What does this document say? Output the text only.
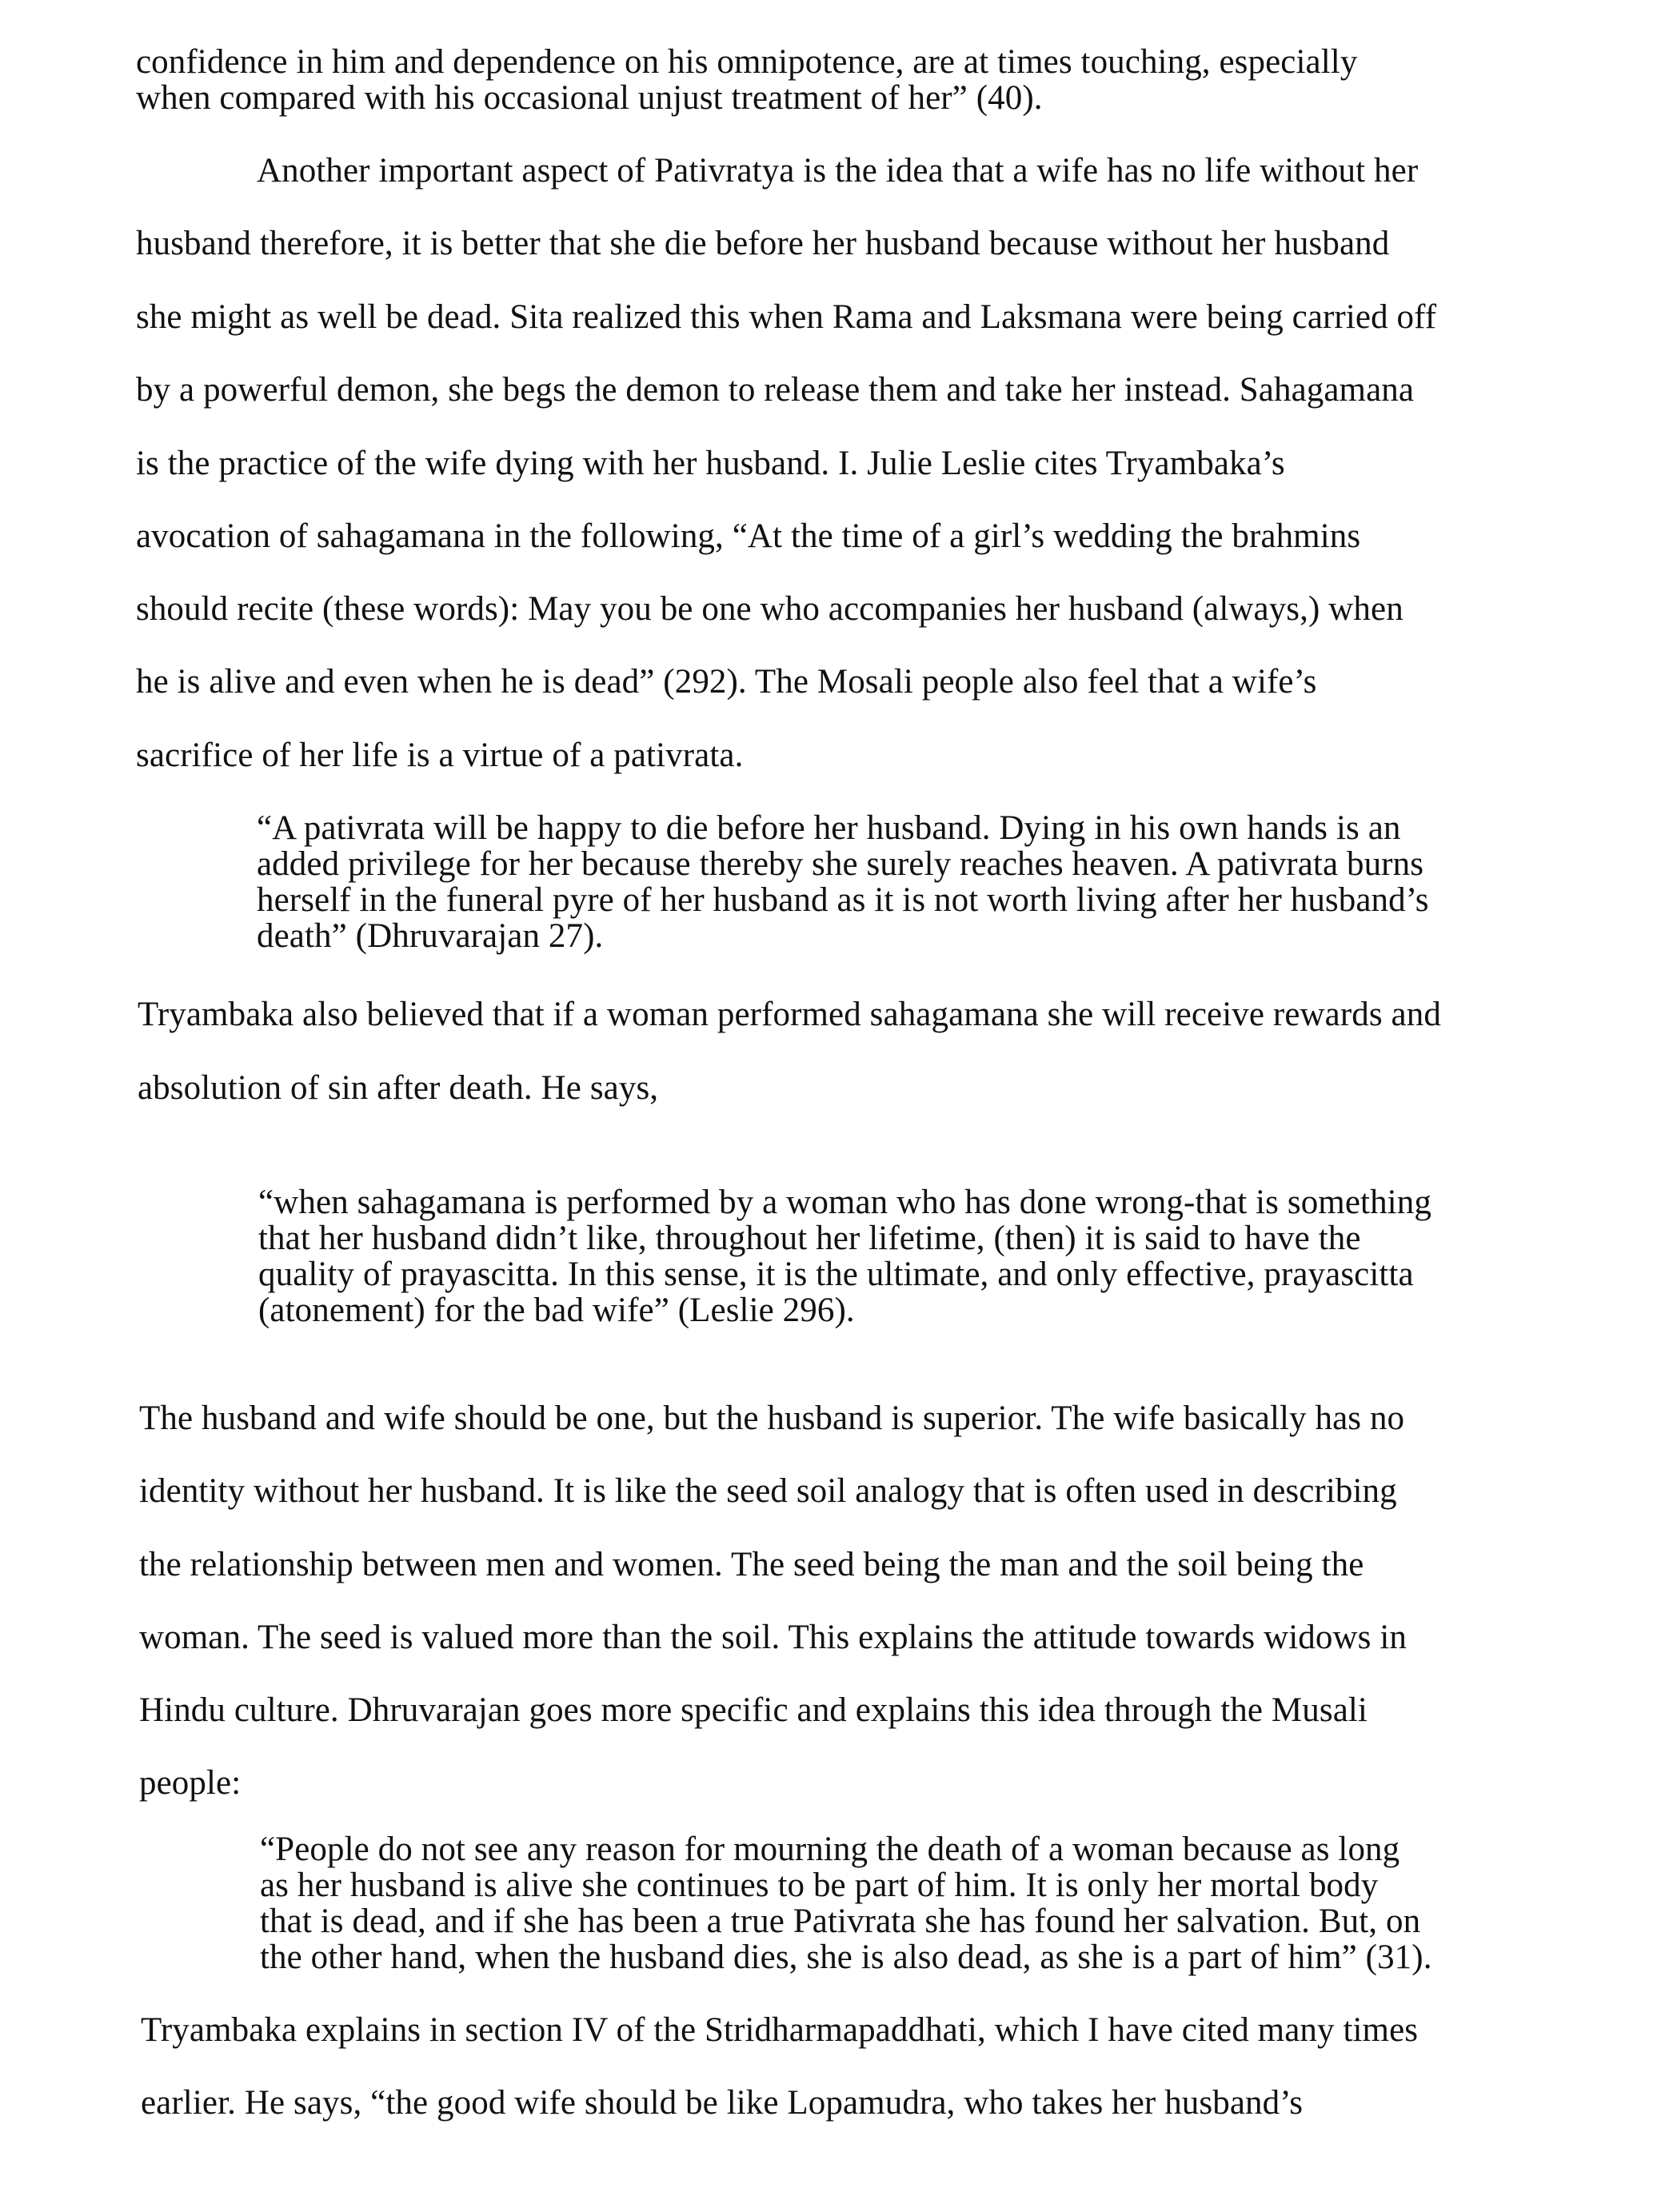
confidence in him and dependence on his omnipotence, are at times touching, especially

when compared with his occasional unjust treatment of her” (40).

Another important aspect of Pativratya is the idea that a wife has no life without her

husband therefore, it is better that she die before her husband because without her husband

she might as well be dead. Sita realized this when Rama and Laksmana were being carried off

by a powerful demon, she begs the demon to release them and take her instead. Sahagamana

is the practice of the wife dying with her husband. I. Julie Leslie cites Tryambaka’s

avocation of sahagamana in the following, “At the time of a girl’s wedding the brahmins

should recite (these words): May you be one who accompanies her husband (always,) when

he is alive and even when he is dead” (292). The Mosali people also feel that a wife’s

sacrifice of her life is a virtue of a pativrata.

“A pativrata will be happy to die before her husband. Dying in his own hands is an

added privilege for her because thereby she surely reaches heaven. A pativrata burns

herself in the funeral pyre of her husband as it is not worth living after her husband’s

death” (Dhruvarajan 27).

Tryambaka also believed that if a woman performed sahagamana she will receive rewards and

absolution of sin after death. He says,

“when sahagamana is performed by a woman who has done wrong-that is something

that her husband didn’t like, throughout her lifetime, (then) it is said to have the

quality of prayascitta. In this sense, it is the ultimate, and only effective, prayascitta

(atonement) for the bad wife” (Leslie 296).

The husband and wife should be one, but the husband is superior. The wife basically has no

identity without her husband. It is like the seed soil analogy that is often used in describing

the relationship between men and women. The seed being the man and the soil being the

woman. The seed is valued more than the soil. This explains the attitude towards widows in

Hindu culture. Dhruvarajan goes more specific and explains this idea through the Musali

people:

“People do not see any reason for mourning the death of a woman because as long

as her husband is alive she continues to be part of him. It is only her mortal body

that is dead, and if she has been a true Pativrata she has found her salvation. But, on

the other hand, when the husband dies, she is also dead, as she is a part of him” (31).

Tryambaka explains in section IV of the Stridharmapaddhati, which I have cited many times

earlier. He says, “the good wife should be like Lopamudra, who takes her husband’s
